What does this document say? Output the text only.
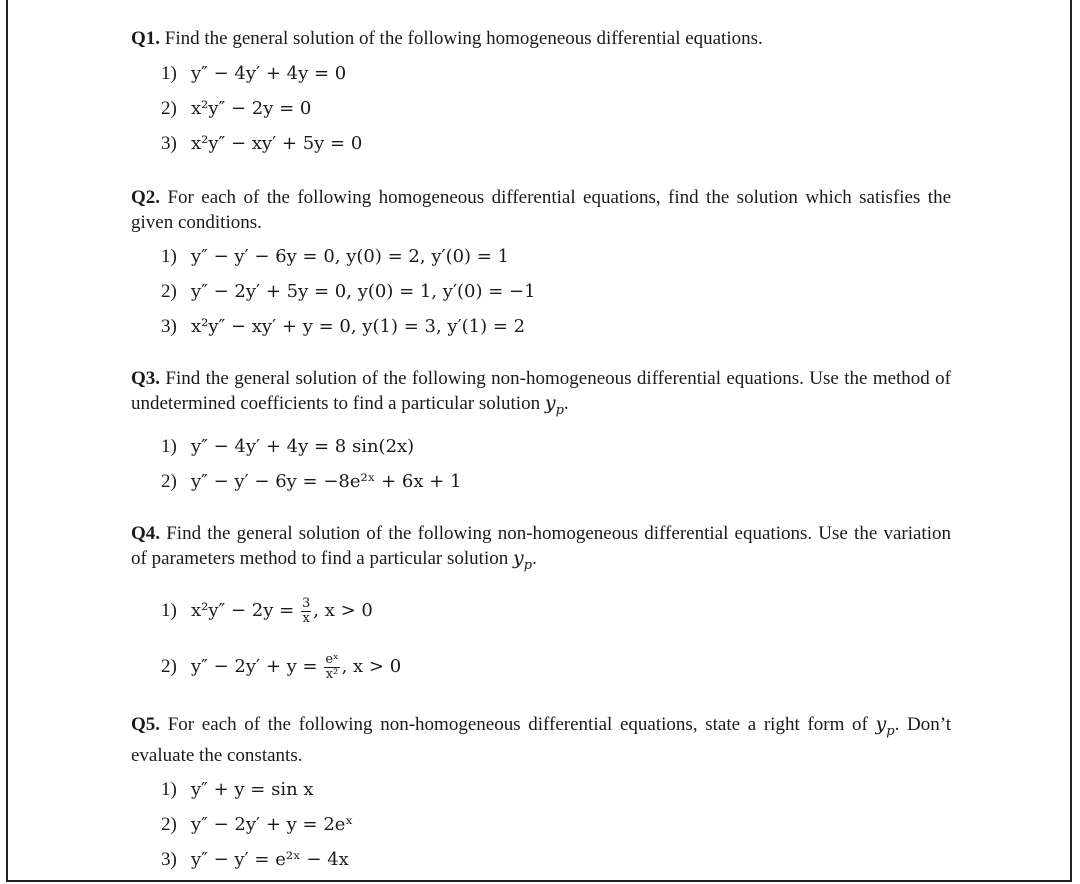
Q1. Find the general solution of the following homogeneous differential equations.

1) y″ − 4y′ + 4y = 0
2) x²y″ − 2y = 0
3) x²y″ − xy′ + 5y = 0

Q2. For each of the following homogeneous differential equations, find the solution which satisfies the given conditions.

1) y″ − y′ − 6y = 0, y(0) = 2, y′(0) = 1
2) y″ − 2y′ + 5y = 0, y(0) = 1, y′(0) = −1
3) x²y″ − xy′ + y = 0, y(1) = 3, y′(1) = 2

Q3. Find the general solution of the following non-homogeneous differential equations. Use the method of undetermined coefficients to find a particular solution $y_p$.

1) y″ − 4y′ + 4y = 8 sin(2x)
2) y″ − y′ − 6y = −8e²ˣ + 6x + 1

Q4. Find the general solution of the following non-homogeneous differential equations. Use the variation of parameters method to find a particular solution $y_p$.

1) $x^2y'' - 2y = \frac{3}{x}$ , x > 0
2) $y'' - 2y' + y = \frac{\text{eˣ}}{\text{x²}}$ , x > 0

Q5. For each of the following non-homogeneous differential equations, state a right form of $y_p$. Don’t evaluate the constants.

1) y″ + y = sin x
2) y″ − 2y′ + y = 2eˣ
3) y″ − y′ = e²ˣ − 4x
